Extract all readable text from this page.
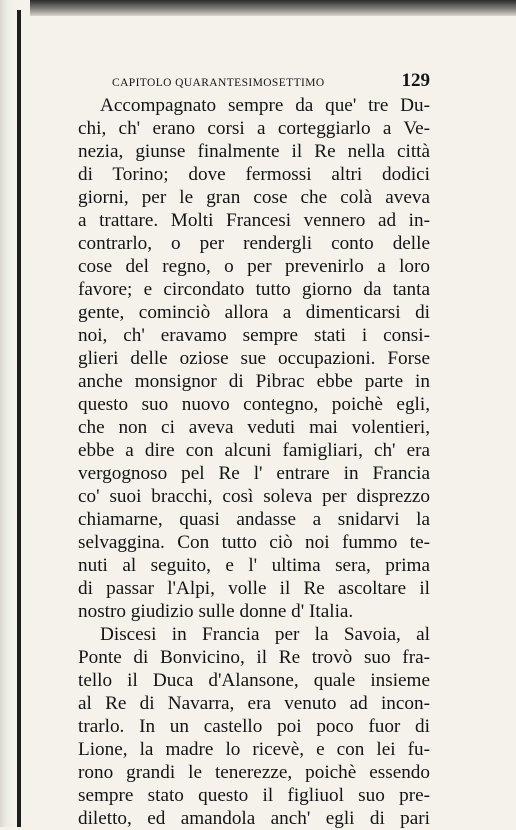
CAPITOLO QUARANTESIMOSETTIMO	129
Accompagnato sempre da que' tre Du-
chi, ch' erano corsi a corteggiarlo a Ve-
nezia, giunse finalmente il Re nella città
di Torino; dove fermossi altri dodici
giorni, per le gran cose che colà aveva
a trattare. Molti Francesi vennero ad in-
contrarlo, o per rendergli conto delle
cose del regno, o per prevenirlo a loro
favore; e circondato tutto giorno da tanta
gente, cominciò allora a dimenticarsi di
noi, ch' eravamo sempre stati i consi-
glieri delle oziose sue occupazioni. Forse
anche monsignor di Pibrac ebbe parte in
questo suo nuovo contegno, poichè egli,
che non ci aveva veduti mai volentieri,
ebbe a dire con alcuni famigliari, ch' era
vergognoso pel Re l' entrare in Francia
co' suoi bracchi, così soleva per disprezzo
chiamarne, quasi andasse a snidarvi la
selvaggina. Con tutto ciò noi fummo te-
nuti al seguito, e l' ultima sera, prima
di passar l'Alpi, volle il Re ascoltare il
nostro giudizio sulle donne d' Italia.
Discesi in Francia per la Savoia, al
Ponte di Bonvicino, il Re trovò suo fra-
tello il Duca d'Alansone, quale insieme
al Re di Navarra, era venuto ad incon-
trarlo. In un castello poi poco fuor di
Lione, la madre lo ricevè, e con lei fu-
rono grandi le tenerezze, poichè essendo
sempre stato questo il figliuol suo pre-
diletto, ed amandola anch' egli di pari
